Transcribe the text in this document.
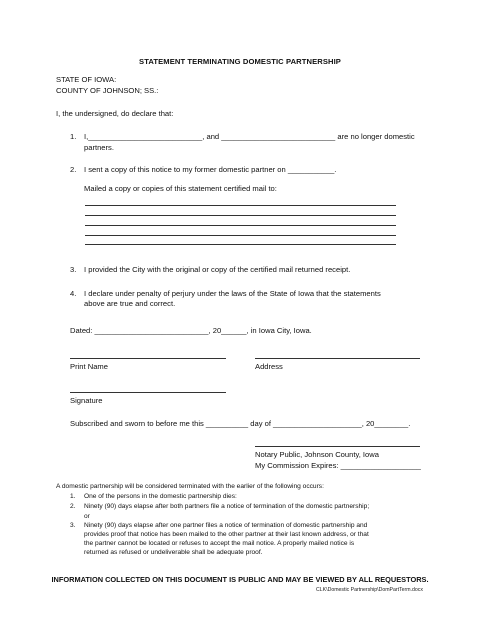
STATEMENT TERMINATING DOMESTIC PARTNERSHIP
STATE OF IOWA:
COUNTY OF JOHNSON; SS.:
I, the undersigned, do declare that:
1. I,___________________________, and ___________________________ are no longer domestic
partners.
2. I sent a copy of this notice to my former domestic partner on ___________.
Mailed a copy or copies of this statement certified mail to:
3. I provided the City with the original or copy of the certified mail returned receipt.
4. I declare under penalty of perjury under the laws of the State of Iowa that the statements
above are true and correct.
Dated: ___________________________, 20______, in Iowa City, Iowa.
Print Name	Address
Signature
Subscribed and sworn to before me this __________ day of _____________________, 20________.
Notary Public, Johnson County, Iowa
My Commission Expires: ___________________
A domestic partnership will be considered terminated with the earlier of the following occurs:
1. One of the persons in the domestic partnership dies:
2. Ninety (90) days elapse after both partners file a notice of termination of the domestic partnership;
or
3. Ninety (90) days elapse after one partner files a notice of termination of domestic partnership and
provides proof that notice has been mailed to the other partner at their last known address, or that
the partner cannot be located or refuses to accept the mail notice. A properly mailed notice is
returned as refused or undeliverable shall be adequate proof.
INFORMATION COLLECTED ON THIS DOCUMENT IS PUBLIC AND MAY BE VIEWED BY ALL REQUESTORS.
CLK\Domestic Partnership\DomPartTerm.docx
